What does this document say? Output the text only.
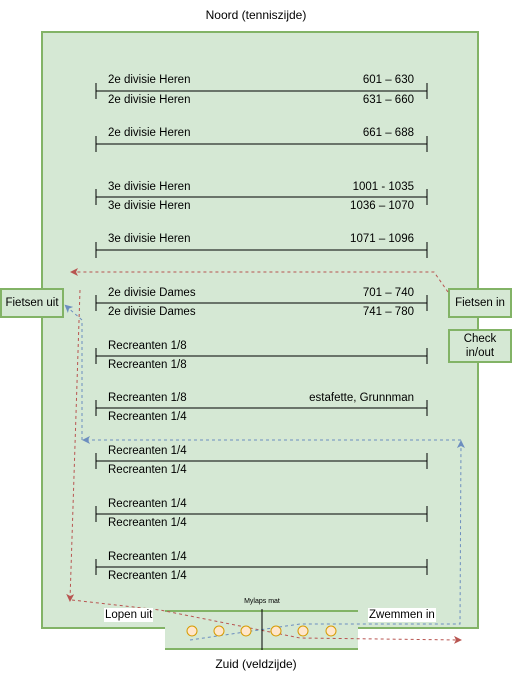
Noord (tenniszijde)
2e divisie Heren	601 – 630
2e divisie Heren	631 – 660
2e divisie Heren	661 – 688
3e divisie Heren	1001 - 1035
3e divisie Heren	1036 – 1070
3e divisie Heren	1071 – 1096
2e divisie Dames	701 – 740
2e divisie Dames	741 – 780
Recreanten 1/8
Recreanten 1/8
Recreanten 1/8	estafette, Grunnman
Recreanten 1/4
Recreanten 1/4
Recreanten 1/4
Recreanten 1/4
Recreanten 1/4
Recreanten 1/4
Recreanten 1/4
Fietsen uit	Fietsen in
Check in/out
Mylaps mat
Lopen uit	Zwemmen in
Zuid (veldzijde)
